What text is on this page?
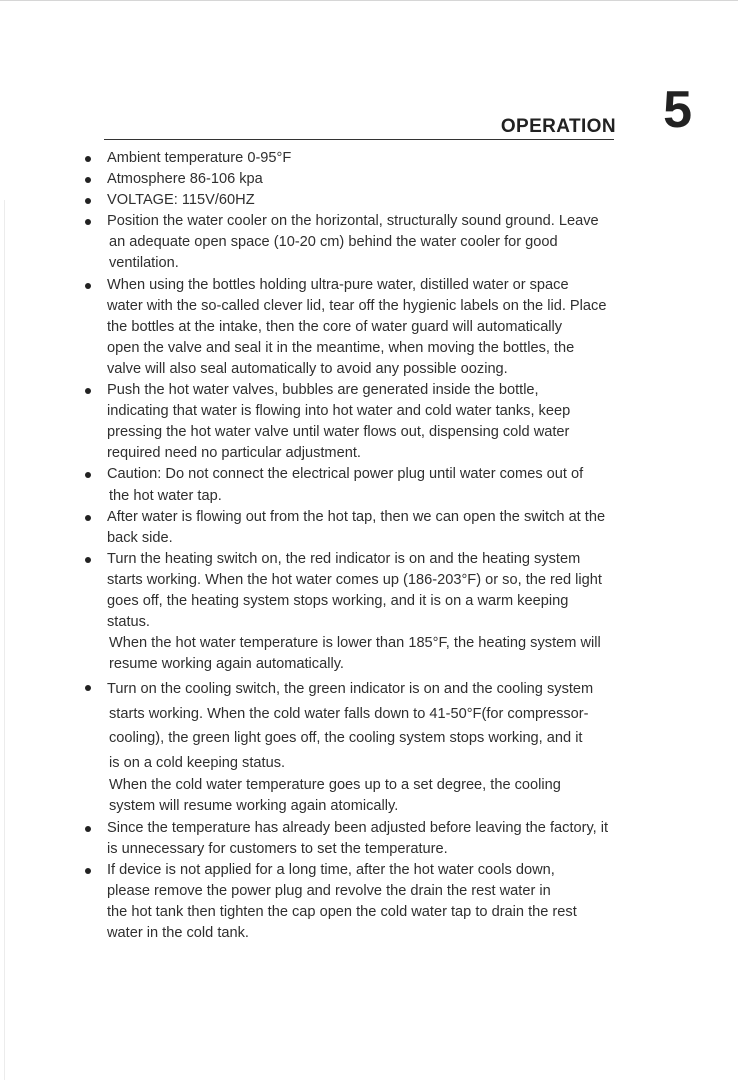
OPERATION 5
Ambient temperature 0-95°F
Atmosphere 86-106 kpa
VOLTAGE: 115V/60HZ
Position the water cooler on the horizontal, structurally sound ground. Leave
an adequate open space (10-20 cm) behind the water cooler for good
ventilation.
When using the bottles holding ultra-pure water, distilled water or space
water with the so-called clever lid, tear off the hygienic labels on the lid. Place
the bottles at the intake, then the core of water guard will automatically
open the valve and seal it in the meantime, when moving the bottles, the
valve will also seal automatically to avoid any possible oozing.
Push the hot water valves, bubbles are generated inside the bottle,
indicating that water is flowing into hot water and cold water tanks, keep
pressing the hot water valve until water flows out, dispensing cold water
required need no particular adjustment.
Caution: Do not connect the electrical power plug until water comes out of
the hot water tap.
After water is flowing out from the hot tap, then we can open the switch at the
back side.
Turn the heating switch on, the red indicator is on and the heating system
starts working. When the hot water comes up (186-203°F) or so, the red light
goes off, the heating system stops working, and it is on a warm keeping
status.
When the hot water temperature is lower than 185°F, the heating system will
resume working again automatically.
Turn on the cooling switch, the green indicator is on and the cooling system
starts working. When the cold water falls down to 41-50°F(for compressor-
cooling), the green light goes off, the cooling system stops working, and it
is on a cold keeping status.
When the cold water temperature goes up to a set degree, the cooling
system will resume working again atomically.
Since the temperature has already been adjusted before leaving the factory, it
is unnecessary for customers to set the temperature.
If device is not applied for a long time, after the hot water cools down,
please remove the power plug and revolve the drain the rest water in
the hot tank then tighten the cap open the cold water tap to drain the rest
water in the cold tank.
